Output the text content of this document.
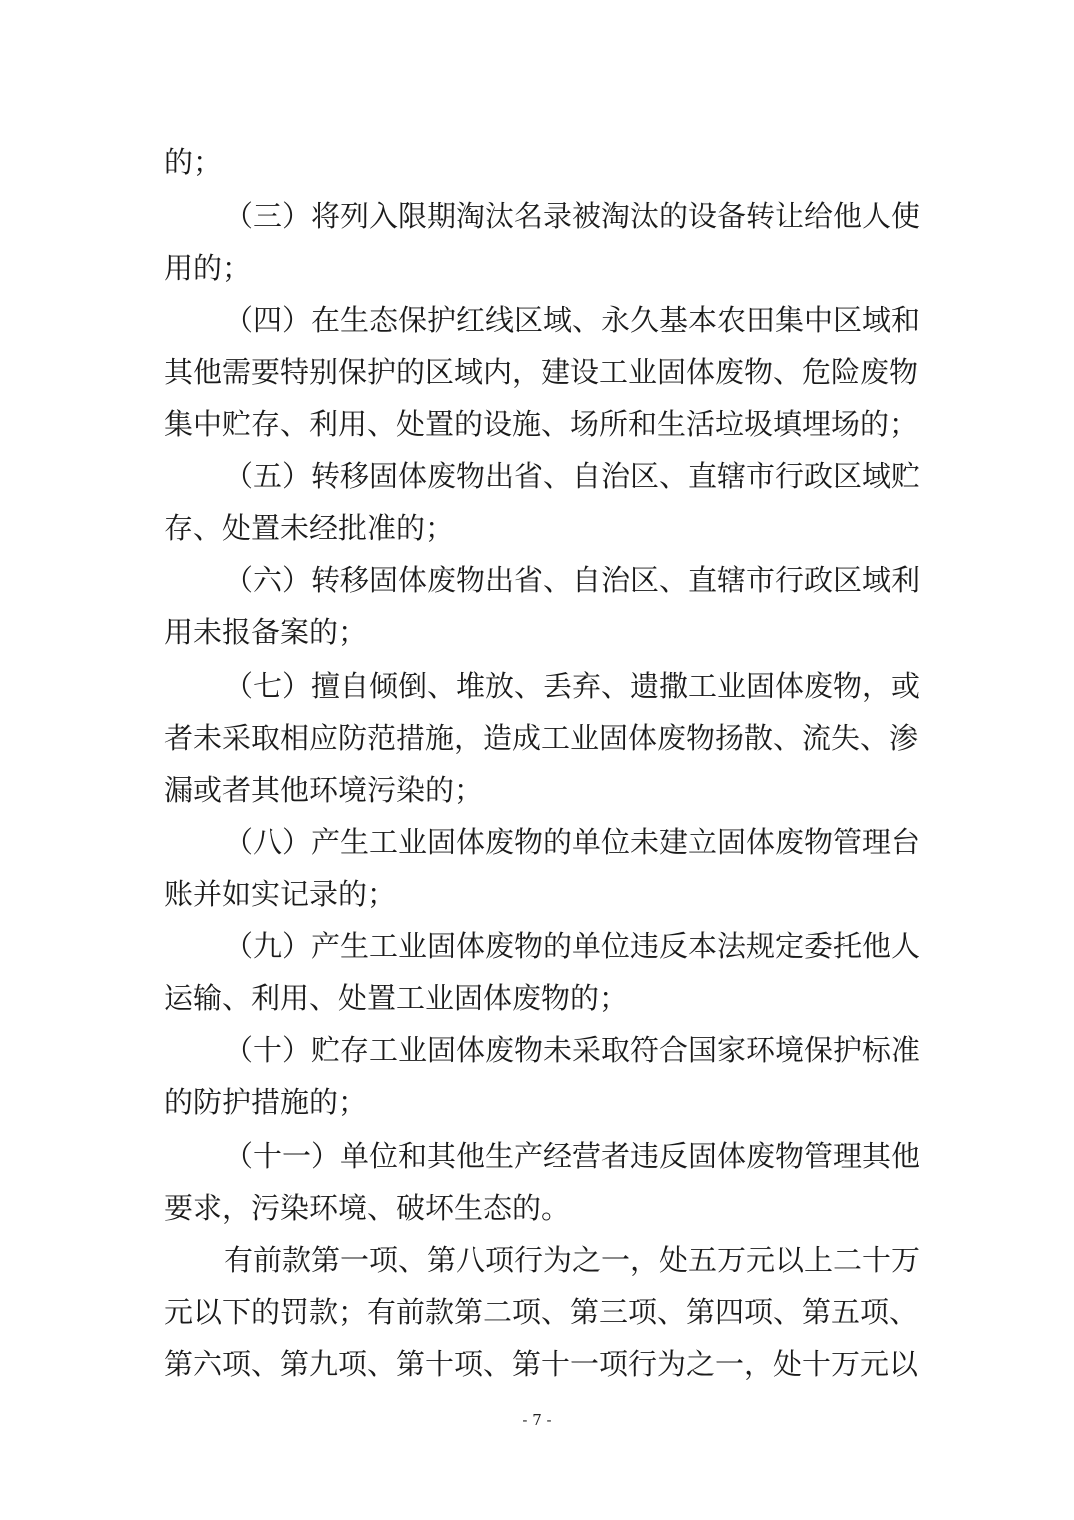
的；
（三）将列入限期淘汰名录被淘汰的设备转让给他人使
用的；
（四）在生态保护红线区域、永久基本农田集中区域和
其他需要特别保护的区域内，建设工业固体废物、危险废物
集中贮存、利用、处置的设施、场所和生活垃圾填埋场的；
（五）转移固体废物出省、自治区、直辖市行政区域贮
存、处置未经批准的；
（六）转移固体废物出省、自治区、直辖市行政区域利
用未报备案的；
（七）擅自倾倒、堆放、丢弃、遗撒工业固体废物，或
者未采取相应防范措施，造成工业固体废物扬散、流失、渗
漏或者其他环境污染的；
（八）产生工业固体废物的单位未建立固体废物管理台
账并如实记录的；
（九）产生工业固体废物的单位违反本法规定委托他人
运输、利用、处置工业固体废物的；
（十）贮存工业固体废物未采取符合国家环境保护标准
的防护措施的；
（十一）单位和其他生产经营者违反固体废物管理其他
要求，污染环境、破坏生态的。
有前款第一项、第八项行为之一，处五万元以上二十万
元以下的罚款；有前款第二项、第三项、第四项、第五项、
第六项、第九项、第十项、第十一项行为之一，处十万元以
- 7 -
